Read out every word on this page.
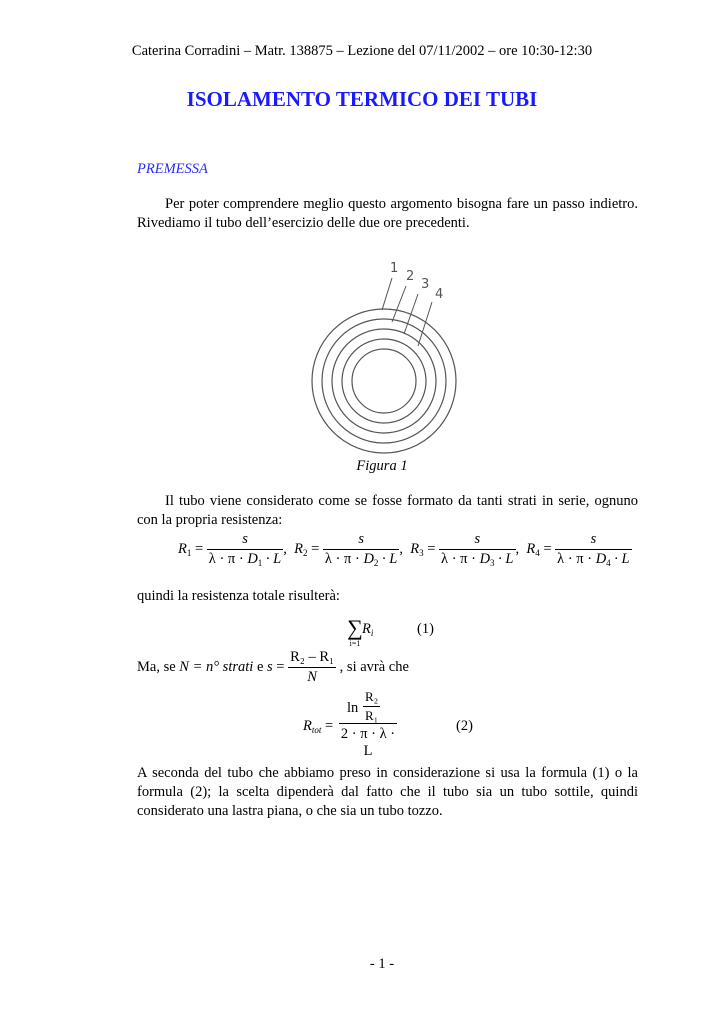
Caterina Corradini – Matr. 138875 – Lezione del 07/11/2002 – ore 10:30-12:30
ISOLAMENTO TERMICO DEI TUBI
PREMESSA

Per poter comprendere meglio questo argomento bisogna fare un passo indietro. Rivediamo il tubo dell’esercizio delle due ore precedenti.

1
2
3
4
Figura 1

Il tubo viene considerato come se fosse formato da tanti strati in serie, ognuno con la propria resistenza:

$R_1 = \frac{s}{\lambda \cdot \pi \cdot D_1 \cdot L}$ ,  $R_2 = \frac{s}{\lambda \cdot \pi \cdot D_2 \cdot L}$ ,  $R_3 = \frac{s}{\lambda \cdot \pi \cdot D_3 \cdot L}$ ,  $R_4 = \frac{s}{\lambda \cdot \pi \cdot D_4 \cdot L}$

quindi la resistenza totale risulterà:

∑
i=1
$R_i$	(1)
Ma, se N = n° strati e $s = \frac{\text{R₂ – R₁}}{N}$ , si avrà che
$R_{tot}$ =
$\ln \frac{\text{R₂}}{\text{R₁}}$
2 · π · λ · L
(2)

A seconda del tubo che abbiamo preso in considerazione si usa la formula (1) o la formula (2); la scelta dipenderà dal fatto che il tubo sia un tubo sottile, quindi considerato una lastra piana, o che sia un tubo tozzo.

- 1 -
